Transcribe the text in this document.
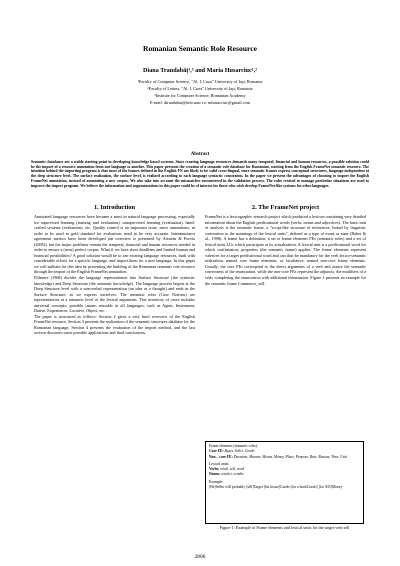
Romanian Semantic Role Resource
Diana Trandabăț¹,³ and Maria Husarciuc¹,²
¹Faculty of Computer Science, "Al. I. Cuza" University of Iaşi, Romania
²Faculty of Letters, "Al. I. Cuza" University of Iaşi, Romania
³Institute for Computer Science, Romanian Academy
E-mail: dtrandabat@info.uaic.ro, mhusarciuc@gmail.com
Abstract
Semantic databases are a stable starting point in developing knowledge based systems. Since creating language resources demands many temporal, financial and human resources, a possible solution could be the import of a resource annotation from one language to another. This paper presents the creation of a semantic role database for Romanian, starting from the English FrameNet semantic resource. The intuition behind the importing program is that most of the frames defined in the English FN are likely to be valid cross-lingual, since semantic frames express conceptual structures, language independent at the deep structure level. The surface realization, the surface level, is realized according to each language syntactic constraints. In the paper we present the advantages of choosing to import the English FrameNet annotation, instead of annotating a new corpus. We also take into account the mismatches encountered in the validation process. The rules created to manage particular situations are used to improve the import program. We believe the information and argumentations in this paper could be of interest for those who wish develop FrameNet-like systems for other languages.
1. Introduction
Annotated language resources have became a must in natural language processing, especially for supervised learning (training and evaluation), unsupervised learning (evaluation), hand-crafted systems (evaluation), etc. Quality control is an important issue, since annotations, in order to be used as gold standard for evaluation, need to be very accurate. Interannotator agreement metrics have been developed (an overview is presented by Artstein & Poesio (2005)), but the major problems remain the temporal, financial and human resources needed in order to ensure a (near) perfect corpus. What if we have short deadlines and limited human and financial possibilities? A good solution would be to use existing language resources, built with considerable efforts for a specific language, and import them for a new language. In this paper we will militate for this idea by presenting the building of the Romanian semantic role resource through the import of the English FrameNet annotation.
Fillmore (1968) divides the language representation into Surface Structure (the syntactic knowledge) and Deep Structure (the semantic knowledge). The language process begins at the Deep Structure level with a non-verbal representation (an idea or a thought) and ends in the Surface Structure, as we express ourselves. The semantic roles (Case Notions) are representations at a semantic level of the lexical arguments. This inventory of cases includes universal concepts, possible innate, reusable in all languages, such as Agent, Instrument, Dative, Experiencer, Locative, Object, etc.
The paper is structured as follows: Section 2 gives a very brief overview of the English FrameNet resource, Section 3 presents the realization of the semantic structures database for the Romanian language, Section 4 presents the evaluation of the import method, and the last section discusses some possible applications and final conclusions.
2. The FrameNet project
FrameNet is a lexicographic research project which produced a lexicon containing very detailed information about the English predicational words (verbs, nouns and adjectives). The basic unit of analysis is the semantic frame, a "script-like structure of inferences, linked by linguistic convention to the meanings of the lexical units", defined as a type of event or state (Baker & al., 1998). A frame has a definition, a set of frame elements FEs (semantic roles) and a set of lexical units LUs which participate at its actualization. A lexical unit is a predicational word for which confirmatory properties (the semantic frame) applies. The frame elements represent valences for a target predicational word and can thus be mandatory for the verb lexico-semantic realization, named core frame elements, or facultative, named non-core frame elements. Usually, the core FEs correspond to the direct arguments of a verb and assure the semantic correctness of the enunciation, while the non-core FEs represent the adjuncts, the modifiers of a verb, completing the enunciation with additional information. Figure 1 presents an example for the semantic frame Commerce_sell.
Frame elements (semantic roles):
Core FE: Buyer, Seller, Goods
Non – core FE: Duration, Manner, Means, Money, Place, Purpose, Rate, Reason, Time, Unit
Lexical units:
Verbs: retail, sell, vend
Nouns: retailer, vendor
Example:
[He]Seller will probably [sell]Target [his house]Goods [for a bookGoods] [for $35]Money
Figure 1: Example of Frame elements and lexical units for the target verb sell
2806
